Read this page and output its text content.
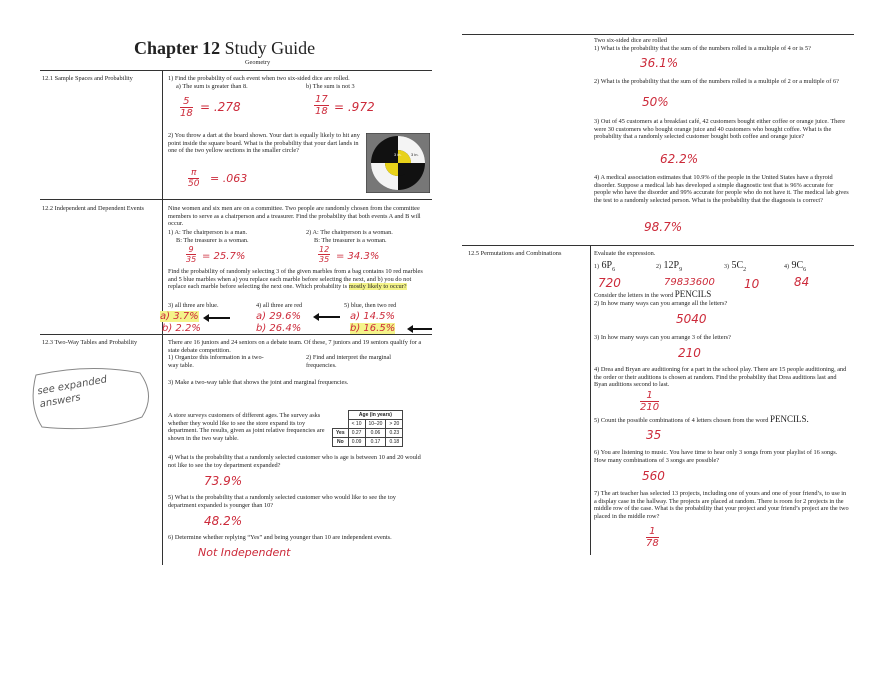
Chapter 12 Study Guide
Geometry
12.1 Sample Spaces and Probability	1) Find the probability of each event when two six-sided dice are rolled.
a) The sum is greater than 8.	b) The sum is not 3
$\frac{5}{18} = .278$	$\frac{17}{18} = .972$
2) You throw a dart at the board shown. Your dart is equally likely to hit any point inside the square board. What is the probability that your dart lands in one of the two yellow sections in the smaller circle?
$\frac{\pi}{50} = .063$
3 in. 3 in.
12.2 Independent and Dependent Events	Nine women and six men are on a committee. Two people are randomly chosen from the committee members to serve as a chairperson and a treasurer. Find the probability that both events A and B will occur.
1) A: The chairperson is a man.
B: The treasurer is a woman.
2) A: The chairperson is a woman.
B: The treasurer is a woman.
$\frac{9}{35} = 25.7\%$	$\frac{12}{35} = 34.3\%$
Find the probability of randomly selecting 3 of the given marbles from a bag contains 10 red marbles and 5 blue marbles when a) you replace each marble before selecting the next, and b) you do not replace each marble before selecting the next one. Which probability is mostly likely to occur?
3) all three are blue.	4) all three are red	5) blue, then two red
a) 3.7%
b) 2.2%
a) 29.6%
b) 26.4%
a) 14.5%
b) 16.5%
12.3 Two-Way Tables and Probability	There are 16 juniors and 24 seniors on a debate team. Of these, 7 juniors and 19 seniors qualify for a state debate competition.
1) Organize this information in a two-way table.
2) Find and interpret the marginal frequencies.
3) Make a two-way table that shows the joint and marginal frequencies.
see expanded answers
A store surveys customers of different ages. The survey asks whether they would like to see the store expand its toy department. The results, given as joint relative frequencies are shown in the two way table.
	Age (in years)		
	< 10	10–20	> 20
Yes	0.27	0.06	0.23
No	0.09	0.17	0.18
4) What is the probability that a randomly selected customer who is age is between 10 and 20 would not like to see the toy department expanded?
73.9%
5) What is the probability that a randomly selected customer who would like to see the toy department expanded is younger than 10?
48.2%
6) Determine whether replying “Yes” and being younger than 10 are independent events.
Not Independent
Two six-sided dice are rolled
1) What is the probability that the sum of the numbers rolled is a multiple of 4 or is 5?
36.1%
2) What is the probability that the sum of the numbers rolled is a multiple of 2 or a multiple of 6?
50%
3) Out of 45 customers at a breakfast café, 42 customers bought either coffee or orange juice. There were 30 customers who bought orange juice and 40 customers who bought coffee. What is the probability that a randomly selected customer bought both coffee and orange juice?
62.2%
4) A medical association estimates that 10.9% of the people in the United States have a thyroid disorder. Suppose a medical lab has developed a simple diagnostic test that is 96% accurate for people who have the disorder and 99% accurate for people who do not have it. The medical lab gives the test to a randomly selected person. What is the probability that the diagnosis is correct?
98.7%
12.5 Permutations and Combinations	Evaluate the expression.
1) $6P_6$	2) $12P_9$	3) $5C_2$	4) $9C_6$
720	79833600 10	84
Consider the letters in the word PENCILS
2) In how many ways can you arrange all the letters?
5040
3) In how many ways can you arrange 3 of the letters?
210
4) Drea and Bryan are auditioning for a part in the school play. There are 15 people auditioning, and the order or their auditions is chosen at random. Find the probability that Drea auditions last and Byan auditions second to last.
$\frac{1}{210}$
5) Count the possible combinations of 4 letters chosen from the word PENCILS.
35
6) You are listening to music. You have time to hear only 3 songs from your playlist of 16 songs. How many combinations of 3 songs are possible?
560
7) The art teacher has selected 13 projects, including one of yours and one of your friend’s, to use in a display case in the hallway. The projects are placed at random. There is room for 2 projects in the middle row of the case. What is the probability that your project and your friend’s project are the two placed in the middle row?
$\frac{1}{78}$
